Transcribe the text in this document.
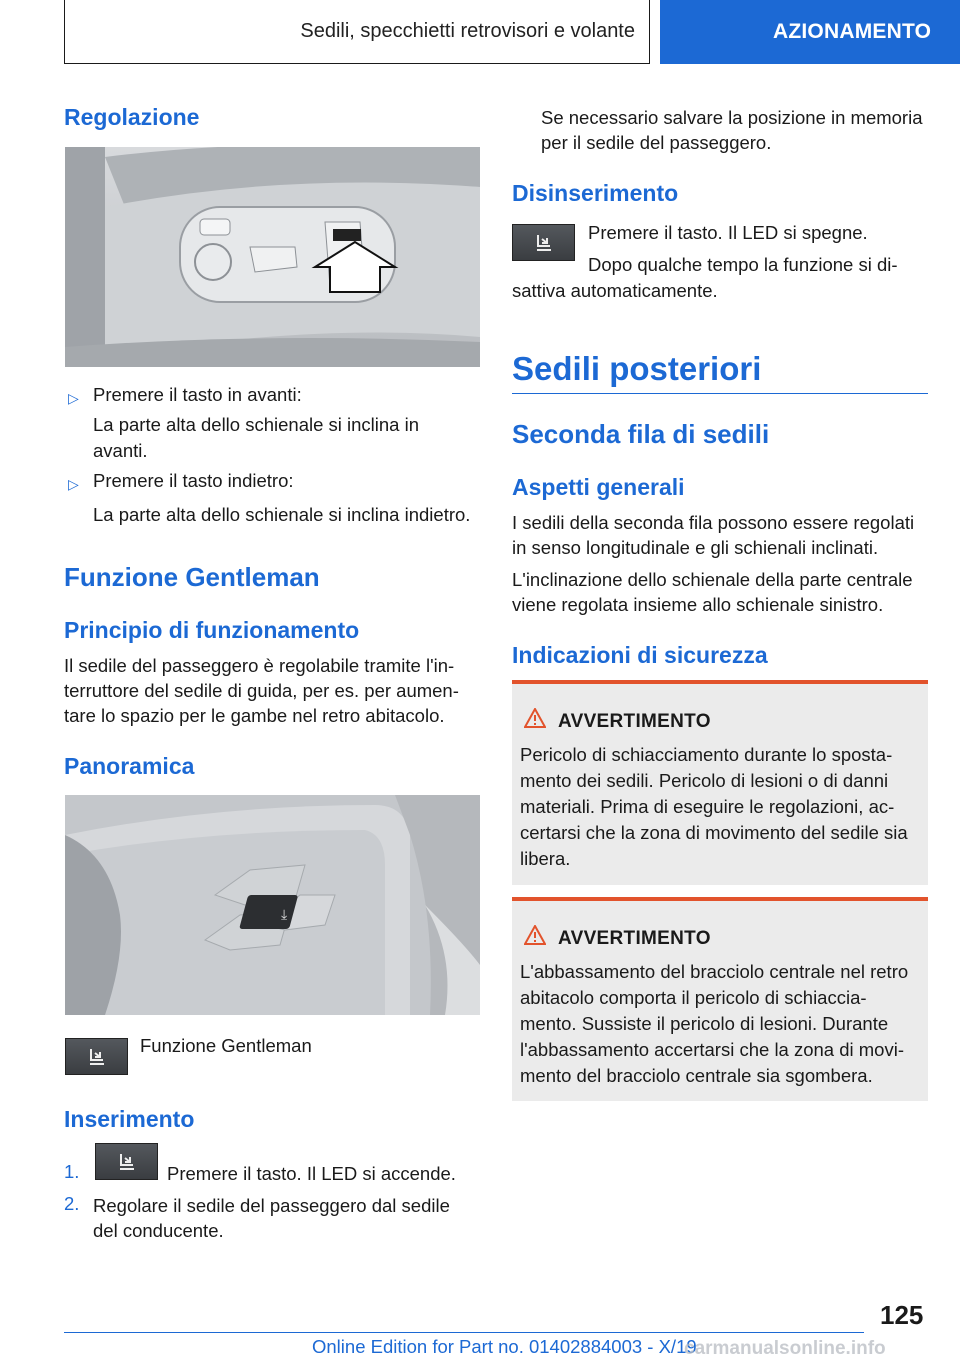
Sedili, specchietti retrovisori e volante	AZIONAMENTO
Regolazione
▷ Premere il tasto in avanti:
La parte alta dello schienale si inclina in
avanti.
▷ Premere il tasto indietro:
La parte alta dello schienale si inclina indietro.
Funzione Gentleman
Principio di funzionamento
Il sedile del passeggero è regolabile tramite l'in-
terruttore del sedile di guida, per es. per aumen-
tare lo spazio per le gambe nel retro abitacolo.
Panoramica
⤓
Funzione Gentleman
Inserimento
1.	Premere il tasto. Il LED si accende.
2. Regolare il sedile del passeggero dal sedile
del conducente.
Se necessario salvare la posizione in memoria
per il sedile del passeggero.
Disinserimento
Premere il tasto. Il LED si spegne.
Dopo qualche tempo la funzione si di-
sattiva automaticamente.
Sedili posteriori
Seconda fila di sedili
Aspetti generali
I sedili della seconda fila possono essere regolati
in senso longitudinale e gli schienali inclinati.
L'inclinazione dello schienale della parte centrale
viene regolata insieme allo schienale sinistro.
Indicazioni di sicurezza
AVVERTIMENTO
Pericolo di schiacciamento durante lo sposta-
mento dei sedili. Pericolo di lesioni o di danni
materiali. Prima di eseguire le regolazioni, ac-
certarsi che la zona di movimento del sedile sia
libera.
AVVERTIMENTO
L'abbassamento del bracciolo centrale nel retro
abitacolo comporta il pericolo di schiaccia-
mento. Sussiste il pericolo di lesioni. Durante
l'abbassamento accertarsi che la zona di movi-
mento del bracciolo centrale sia sgombera.
125
Online Edition for Part no. 01402884003 - X/19
carmanualsonline.info
